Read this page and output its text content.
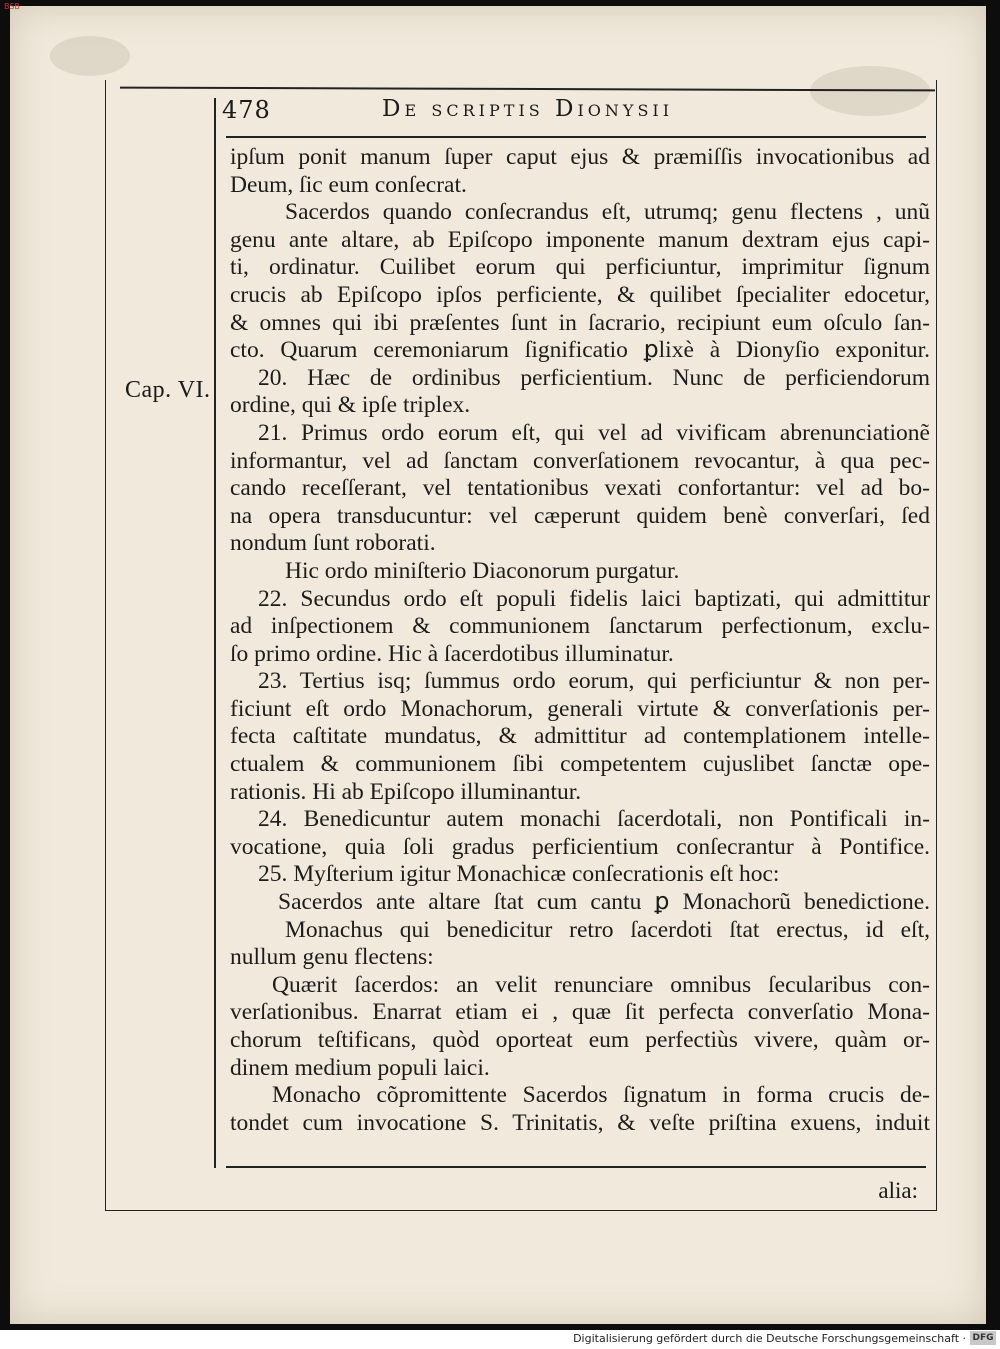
BSB
478	De scriptis Dionysii
Cap. VI.
ipſum ponit manum ſuper caput ejus & præmiſſis invocationibus ad
Deum, ſic eum conſecrat.
Sacerdos quando conſecrandus eſt, utrumq; genu flectens , unũ
genu ante altare, ab Epiſcopo imponente manum dextram ejus capi-
ti, ordinatur. Cuilibet eorum qui perficiuntur, imprimitur ſignum
crucis ab Epiſcopo ipſos perficiente, & quilibet ſpecialiter edocetur,
& omnes qui ibi præſentes ſunt in ſacrario, recipiunt eum oſculo ſan-
cto. Quarum ceremoniarum ſignificatio ꝑlixè à Dionyſio exponitur.
20. Hæc de ordinibus perficientium. Nunc de perficiendorum
ordine, qui & ipſe triplex.
21. Primus ordo eorum eſt, qui vel ad vivificam abrenunciationẽ
informantur, vel ad ſanctam converſationem revocantur, à qua pec-
cando receſſerant, vel tentationibus vexati confortantur: vel ad bo-
na opera transducuntur: vel cæperunt quidem benè converſari, ſed
nondum ſunt roborati.
Hic ordo miniſterio Diaconorum purgatur.
22. Secundus ordo eſt populi fidelis laici baptizati, qui admittitur
ad inſpectionem & communionem ſanctarum perfectionum, exclu-
ſo primo ordine. Hic à ſacerdotibus illuminatur.
23. Tertius isq; ſummus ordo eorum, qui perficiuntur & non per-
ficiunt eſt ordo Monachorum, generali virtute & converſationis per-
fecta caſtitate mundatus, & admittitur ad contemplationem intelle-
ctualem & communionem ſibi competentem cujuslibet ſanctæ ope-
rationis. Hi ab Epiſcopo illuminantur.
24. Benedicuntur autem monachi ſacerdotali, non Pontificali in-
vocatione, quia ſoli gradus perficientium conſecrantur à Pontifice.
25. Myſterium igitur Monachicæ conſecrationis eſt hoc:
Sacerdos ante altare ſtat cum cantu ꝑ Monachorũ benedictione.
Monachus qui benedicitur retro ſacerdoti ſtat erectus, id eſt,
nullum genu flectens:
Quærit ſacerdos: an velit renunciare omnibus ſecularibus con-
verſationibus. Enarrat etiam ei , quæ ſit perfecta converſatio Mona-
chorum teſtificans, quòd oporteat eum perfectiùs vivere, quàm or-
dinem medium populi laici.
Monacho cõpromittente Sacerdos ſignatum in forma crucis de-
tondet cum invocatione S. Trinitatis, & veſte priſtina exuens, induit
alia:
Digitalisierung gefördert durch die Deutsche Forschungsgemeinschaft · DFG
